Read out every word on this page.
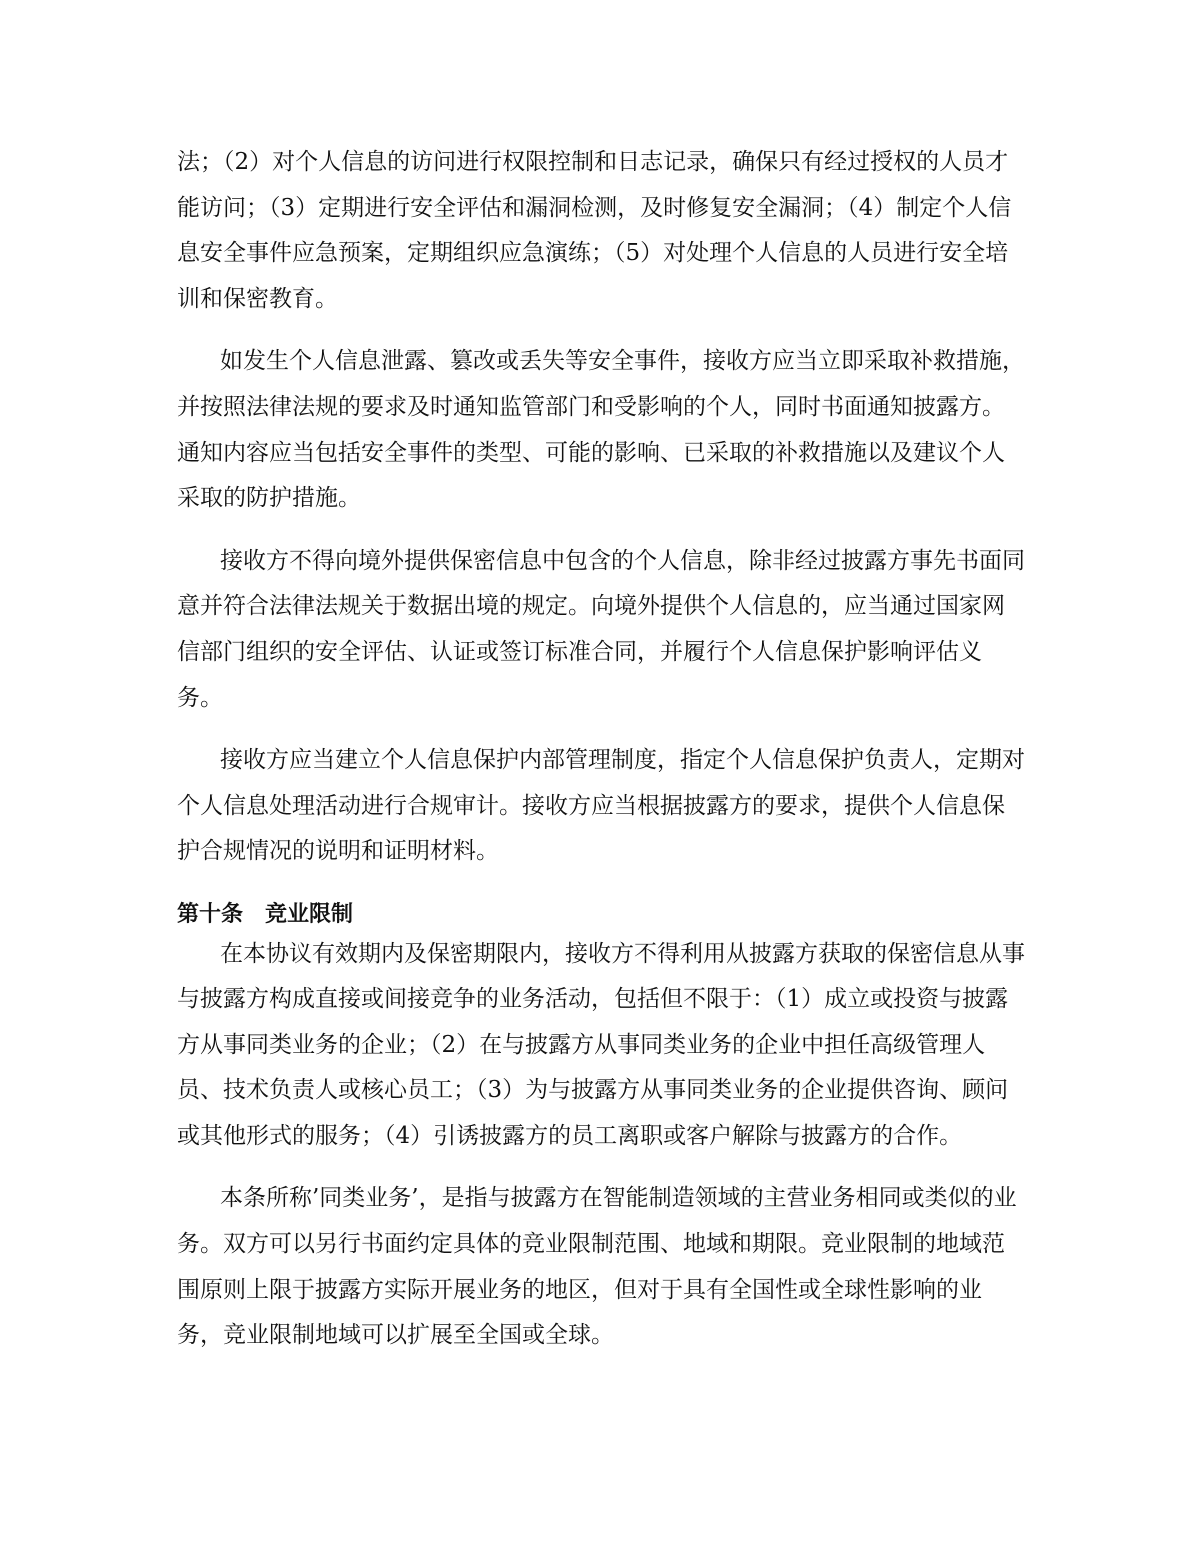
法；（2）对个人信息的访问进行权限控制和日志记录，确保只有经过授权的人员才能访问；（3）定期进行安全评估和漏洞检测，及时修复安全漏洞；（4）制定个人信息安全事件应急预案，定期组织应急演练；（5）对处理个人信息的人员进行安全培训和保密教育。

如发生个人信息泄露、篡改或丢失等安全事件，接收方应当立即采取补救措施，并按照法律法规的要求及时通知监管部门和受影响的个人，同时书面通知披露方。通知内容应当包括安全事件的类型、可能的影响、已采取的补救措施以及建议个人采取的防护措施。

接收方不得向境外提供保密信息中包含的个人信息，除非经过披露方事先书面同意并符合法律法规关于数据出境的规定。向境外提供个人信息的，应当通过国家网信部门组织的安全评估、认证或签订标准合同，并履行个人信息保护影响评估义务。

接收方应当建立个人信息保护内部管理制度，指定个人信息保护负责人，定期对个人信息处理活动进行合规审计。接收方应当根据披露方的要求，提供个人信息保护合规情况的说明和证明材料。

第十条　竞业限制

在本协议有效期内及保密期限内，接收方不得利用从披露方获取的保密信息从事与披露方构成直接或间接竞争的业务活动，包括但不限于：（1）成立或投资与披露方从事同类业务的企业；（2）在与披露方从事同类业务的企业中担任高级管理人员、技术负责人或核心员工；（3）为与披露方从事同类业务的企业提供咨询、顾问或其他形式的服务；（4）引诱披露方的员工离职或客户解除与披露方的合作。

本条所称’同类业务’，是指与披露方在智能制造领域的主营业务相同或类似的业务。双方可以另行书面约定具体的竞业限制范围、地域和期限。竞业限制的地域范围原则上限于披露方实际开展业务的地区，但对于具有全国性或全球性影响的业务，竞业限制地域可以扩展至全国或全球。
